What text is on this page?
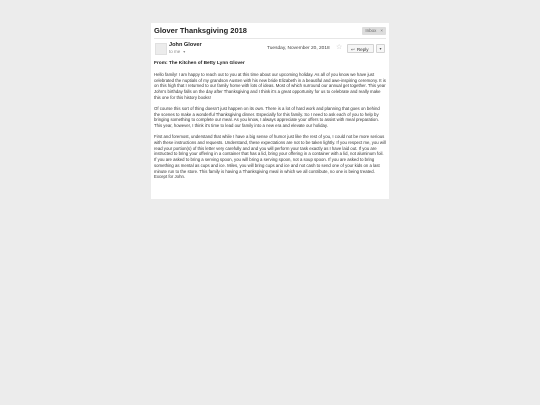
Glover Thanksgiving 2018	Inbox ×
John Glover
to me ▾
Tuesday, November 20, 2018 ☆	↩ Reply	▾
From: The Kitchen of Betty Lynn Glover

Hello family! I am happy to reach out to you at this time about our upcoming holiday. As all of you know we have just celebrated the nuptials of my grandson Austen with his new bride Elizabeth in a beautiful and awe-inspiring ceremony. It is on this high that I returned to our family home with lots of ideas. Most of which surround our annual get together. This year John's birthday falls on the day after Thanksgiving and I think it's a great opportunity for us to celebrate and really make this one for this history books!

Of course this sort of thing doesn't just happen on its own. There is a lot of hard work and planning that goes on behind the scenes to make a wonderful Thanksgiving dinner. Especially for this family. So I need to ask each of you to help by bringing something to complete our meal. As you know, I always appreciate your offers to assist with meal preparation. This year, however, I think it's time to lead our family into a new era and elevate our holiday.

First and foremost, understand that while I have a big sense of humor just like the rest of you, I could not be more serious with these instructions and requests. Understand, these expectations are not to be taken lightly. If you respect me, you will read your portion(s) of this letter very carefully and and you will perform your task exactly as I have laid out. If you are instructed to bring your offering in a container that has a lid, bring your offering in a container with a lid, not aluminum foil. If you are asked to bring a serving spoon, you will bring a serving spoon, not a soup spoon. If you are asked to bring something as mental as cups and ice. Miles, you will bring cups and ice and not cash to send one of your kids on a last minute run to the store. This family is having a Thanksgiving meal in which we all contribute, no one is being treated. Except for John.
